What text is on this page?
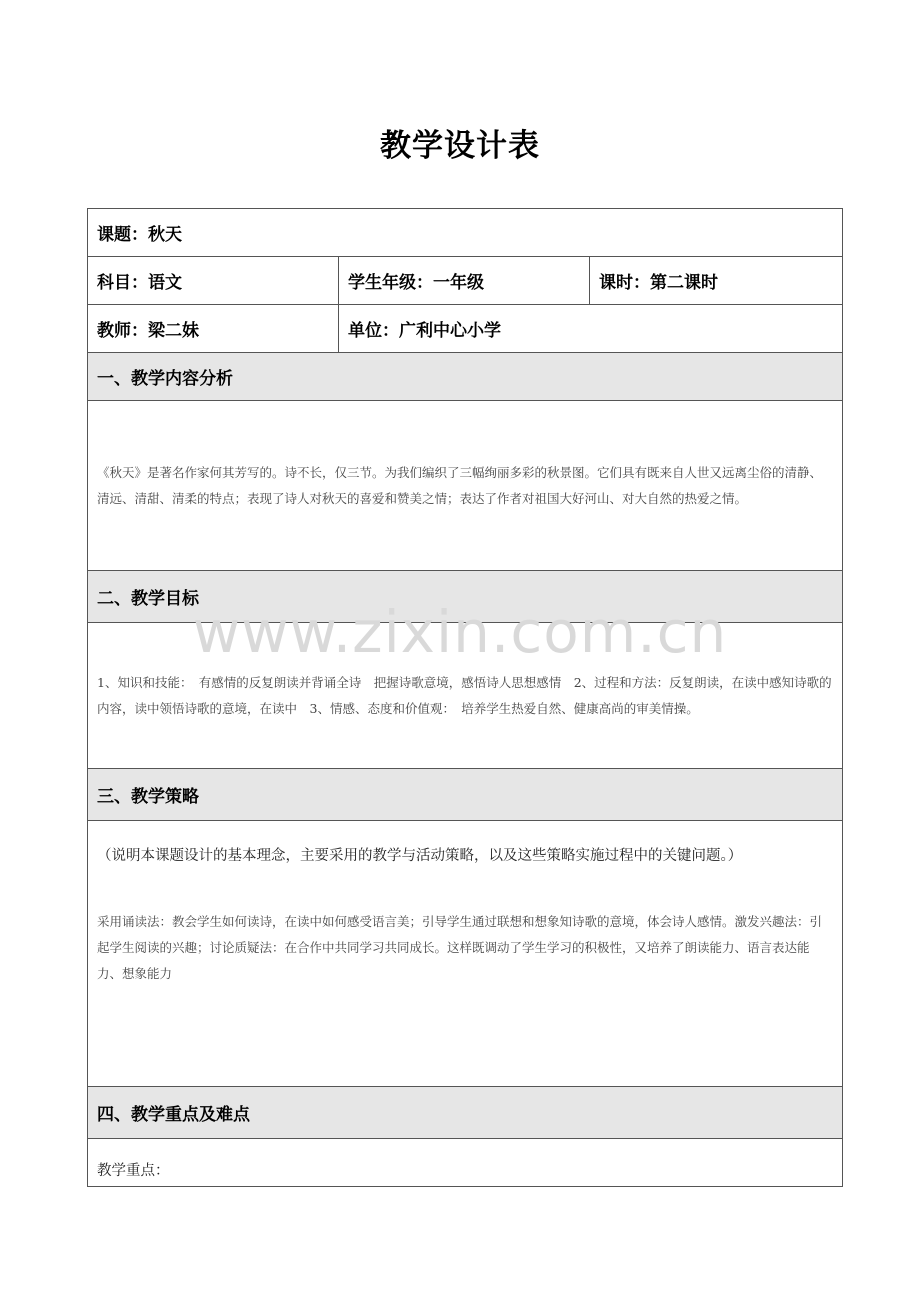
教学设计表
www.zixin.com.cn
课题：秋天		
科目：语文	学生年级：一年级	课时：第二课时
教师：梁二妹	单位：广利中心小学	
一、教学内容分析		
《秋天》是著名作家何其芳写的。诗不长，仅三节。为我们编织了三幅绚丽多彩的秋景图。它们具有既来自人世又远离尘俗的清静、清远、清甜、清柔的特点；表现了诗人对秋天的喜爱和赞美之情；表达了作者对祖国大好河山、对大自然的热爱之情。		
二、教学目标		
1、知识和技能：　有感情的反复朗读并背诵全诗　把握诗歌意境，感悟诗人思想感情　2、过程和方法：反复朗读，在读中感知诗歌的内容，读中领悟诗歌的意境，在读中　3、情感、态度和价值观：　培养学生热爱自然、健康高尚的审美情操。		
三、教学策略		

（说明本课题设计的基本理念，主要采用的教学与活动策略，以及这些策略实施过程中的关键问题。）
采用诵读法：教会学生如何读诗，在读中如何感受语言美；引导学生通过联想和想象知诗歌的意境，体会诗人感情。激发兴趣法：引起学生阅读的兴趣；讨论质疑法：在合作中共同学习共同成长。这样既调动了学生学习的积极性，又培养了朗读能力、语言表达能力、想象能力		

四、教学重点及难点		
教学重点：		
